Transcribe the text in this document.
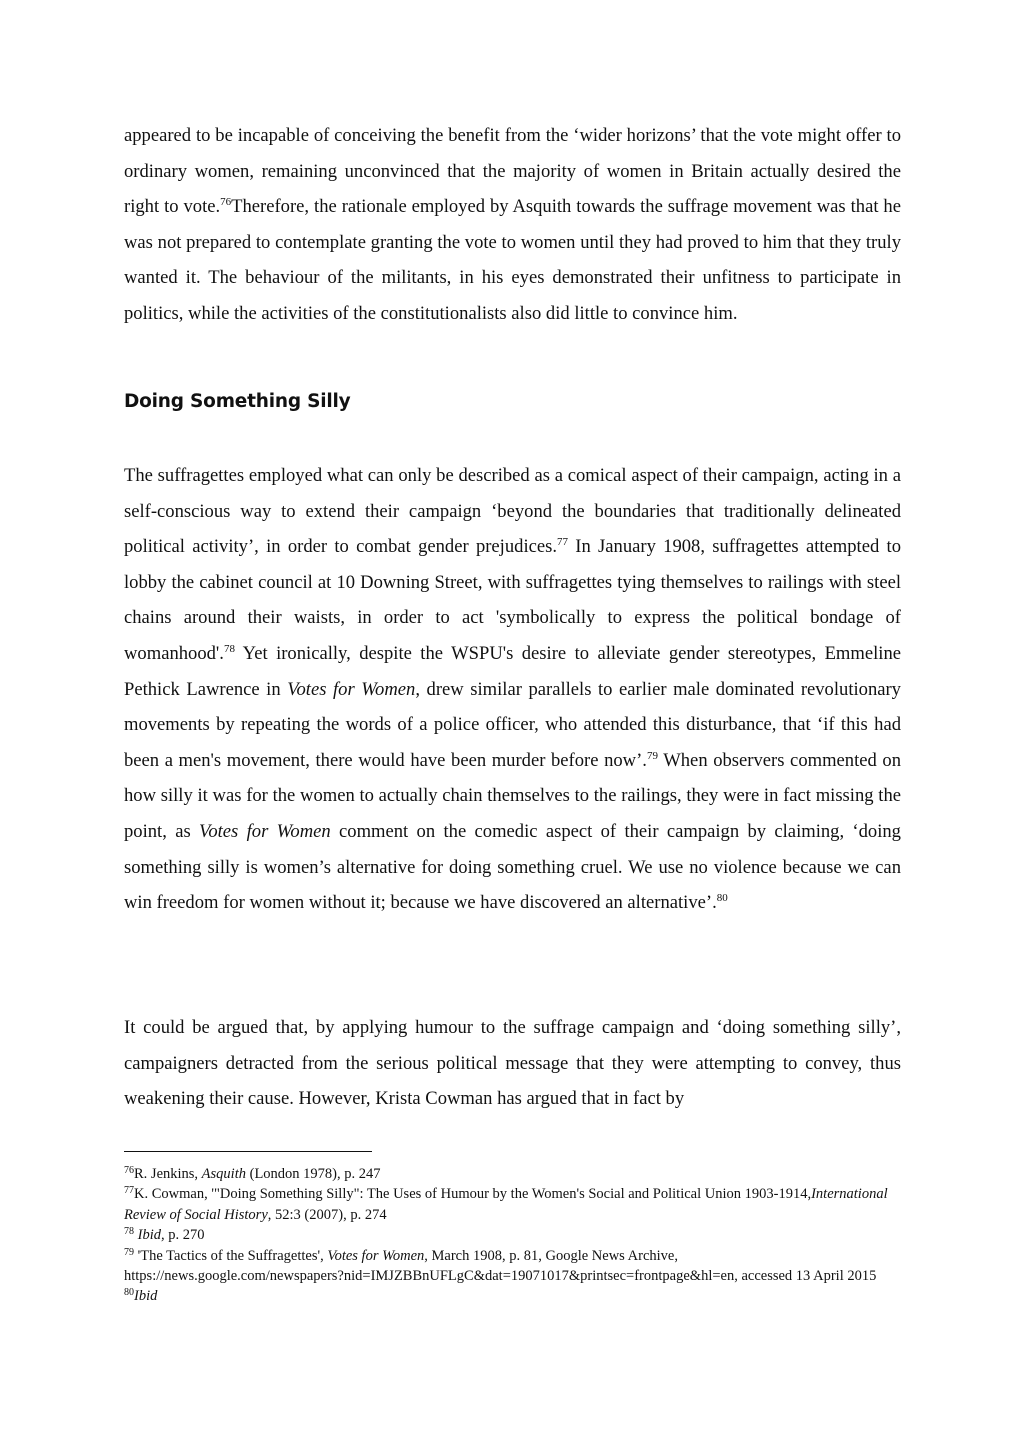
appeared to be incapable of conceiving the benefit from the ‘wider horizons’ that the vote might offer to ordinary women, remaining unconvinced that the majority of women in Britain actually desired the right to vote.$^{76}$Therefore, the rationale employed by Asquith towards the suffrage movement was that he was not prepared to contemplate granting the vote to women until they had proved to him that they truly wanted it. The behaviour of the militants, in his eyes demonstrated their unfitness to participate in politics, while the activities of the constitutionalists also did little to convince him.

Doing Something Silly

The suffragettes employed what can only be described as a comical aspect of their campaign, acting in a self-conscious way to extend their campaign ‘beyond the boundaries that traditionally delineated political activity’, in order to combat gender prejudices.$^{77}$ In January 1908, suffragettes attempted to lobby the cabinet council at 10 Downing Street, with suffragettes tying themselves to railings with steel chains around their waists, in order to act 'symbolically to express the political bondage of womanhood'.$^{78}$ Yet ironically, despite the WSPU's desire to alleviate gender stereotypes, Emmeline Pethick Lawrence in Votes for Women, drew similar parallels to earlier male dominated revolutionary movements by repeating the words of a police officer, who attended this disturbance, that ‘if this had been a men's movement, there would have been murder before now’.$^{79}$ When observers commented on how silly it was for the women to actually chain themselves to the railings, they were in fact missing the point, as Votes for Women comment on the comedic aspect of their campaign by claiming, ‘doing something silly is women’s alternative for doing something cruel. We use no violence because we can win freedom for women without it; because we have discovered an alternative’.$^{80}$

It could be argued that, by applying humour to the suffrage campaign and ‘doing something silly’, campaigners detracted from the serious political message that they were attempting to convey, thus weakening their cause. However, Krista Cowman has argued that in fact by

$^{76}$R. Jenkins, Asquith (London 1978), p. 247

$^{77}$K. Cowman, '"Doing Something Silly": The Uses of Humour by the Women's Social and Political Union 1903-1914,International Review of Social History, 52:3 (2007), p. 274

$^{78}$ Ibid, p. 270

$^{79}$ 'The Tactics of the Suffragettes', Votes for Women, March 1908, p. 81, Google News Archive, https://news.google.com/newspapers?nid=IMJZBBnUFLgC&dat=19071017&printsec=frontpage&hl=en, accessed 13 April 2015

$^{80}$Ibid
